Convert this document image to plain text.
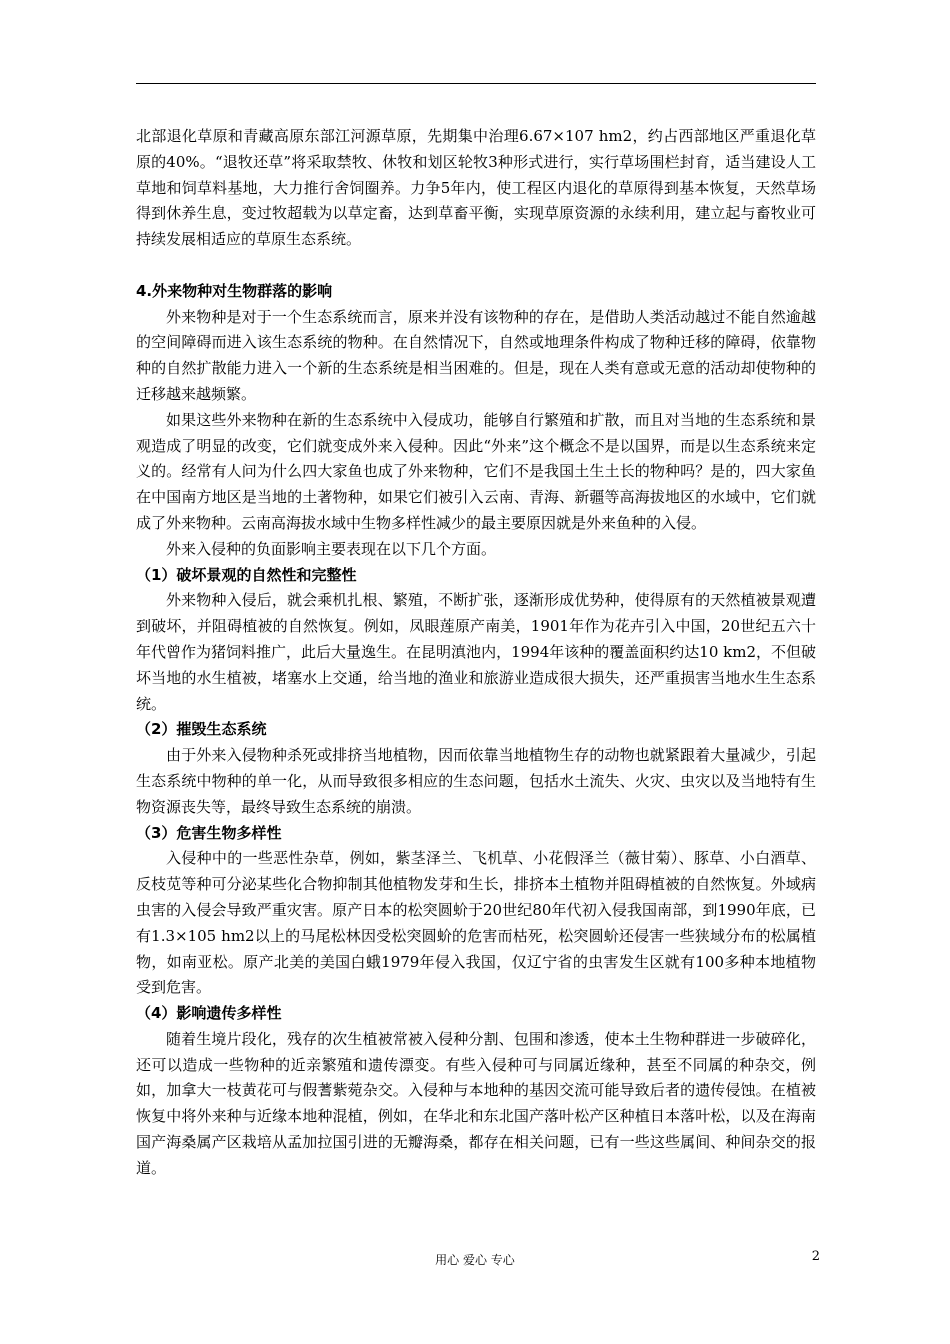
北部退化草原和青藏高原东部江河源草原，先期集中治理6.67×107 hm2，约占西部地区严重退化草原的40%。“退牧还草”将采取禁牧、休牧和划区轮牧3种形式进行，实行草场围栏封育，适当建设人工草地和饲草料基地，大力推行舍饲圈养。力争5年内，使工程区内退化的草原得到基本恢复，天然草场得到休养生息，变过牧超载为以草定畜，达到草畜平衡，实现草原资源的永续利用，建立起与畜牧业可持续发展相适应的草原生态系统。

4.外来物种对生物群落的影响

外来物种是对于一个生态系统而言，原来并没有该物种的存在，是借助人类活动越过不能自然逾越的空间障碍而进入该生态系统的物种。在自然情况下，自然或地理条件构成了物种迁移的障碍，依靠物种的自然扩散能力进入一个新的生态系统是相当困难的。但是，现在人类有意或无意的活动却使物种的迁移越来越频繁。

如果这些外来物种在新的生态系统中入侵成功，能够自行繁殖和扩散，而且对当地的生态系统和景观造成了明显的改变，它们就变成外来入侵种。因此“外来”这个概念不是以国界，而是以生态系统来定义的。经常有人问为什么四大家鱼也成了外来物种，它们不是我国土生土长的物种吗？是的，四大家鱼在中国南方地区是当地的土著物种，如果它们被引入云南、青海、新疆等高海拔地区的水域中，它们就成了外来物种。云南高海拔水域中生物多样性减少的最主要原因就是外来鱼种的入侵。

外来入侵种的负面影响主要表现在以下几个方面。

（1）破坏景观的自然性和完整性

外来物种入侵后，就会乘机扎根、繁殖，不断扩张，逐渐形成优势种，使得原有的天然植被景观遭到破坏，并阻碍植被的自然恢复。例如，凤眼莲原产南美，1901年作为花卉引入中国，20世纪五六十年代曾作为猪饲料推广，此后大量逸生。在昆明滇池内，1994年该种的覆盖面积约达10 km2，不但破坏当地的水生植被，堵塞水上交通，给当地的渔业和旅游业造成很大损失，还严重损害当地水生生态系统。

（2）摧毁生态系统

由于外来入侵物种杀死或排挤当地植物，因而依靠当地植物生存的动物也就紧跟着大量减少，引起生态系统中物种的单一化，从而导致很多相应的生态问题，包括水土流失、火灾、虫灾以及当地特有生物资源丧失等，最终导致生态系统的崩溃。

（3）危害生物多样性

入侵种中的一些恶性杂草，例如，紫茎泽兰、飞机草、小花假泽兰（薇甘菊）、豚草、小白酒草、反枝苋等种可分泌某些化合物抑制其他植物发芽和生长，排挤本土植物并阻碍植被的自然恢复。外域病虫害的入侵会导致严重灾害。原产日本的松突圆蚧于20世纪80年代初入侵我国南部，到1990年底，已有1.3×105 hm2以上的马尾松林因受松突圆蚧的危害而枯死，松突圆蚧还侵害一些狭域分布的松属植物，如南亚松。原产北美的美国白蛾1979年侵入我国，仅辽宁省的虫害发生区就有100多种本地植物受到危害。

（4）影响遗传多样性

随着生境片段化，残存的次生植被常被入侵种分割、包围和渗透，使本土生物种群进一步破碎化，还可以造成一些物种的近亲繁殖和遗传漂变。有些入侵种可与同属近缘种，甚至不同属的种杂交，例如，加拿大一枝黄花可与假蓍紫菀杂交。入侵种与本地种的基因交流可能导致后者的遗传侵蚀。在植被恢复中将外来种与近缘本地种混植，例如，在华北和东北国产落叶松产区种植日本落叶松，以及在海南国产海桑属产区栽培从孟加拉国引进的无瓣海桑，都存在相关问题，已有一些这些属间、种间杂交的报道。

用心 爱心 专心	2
